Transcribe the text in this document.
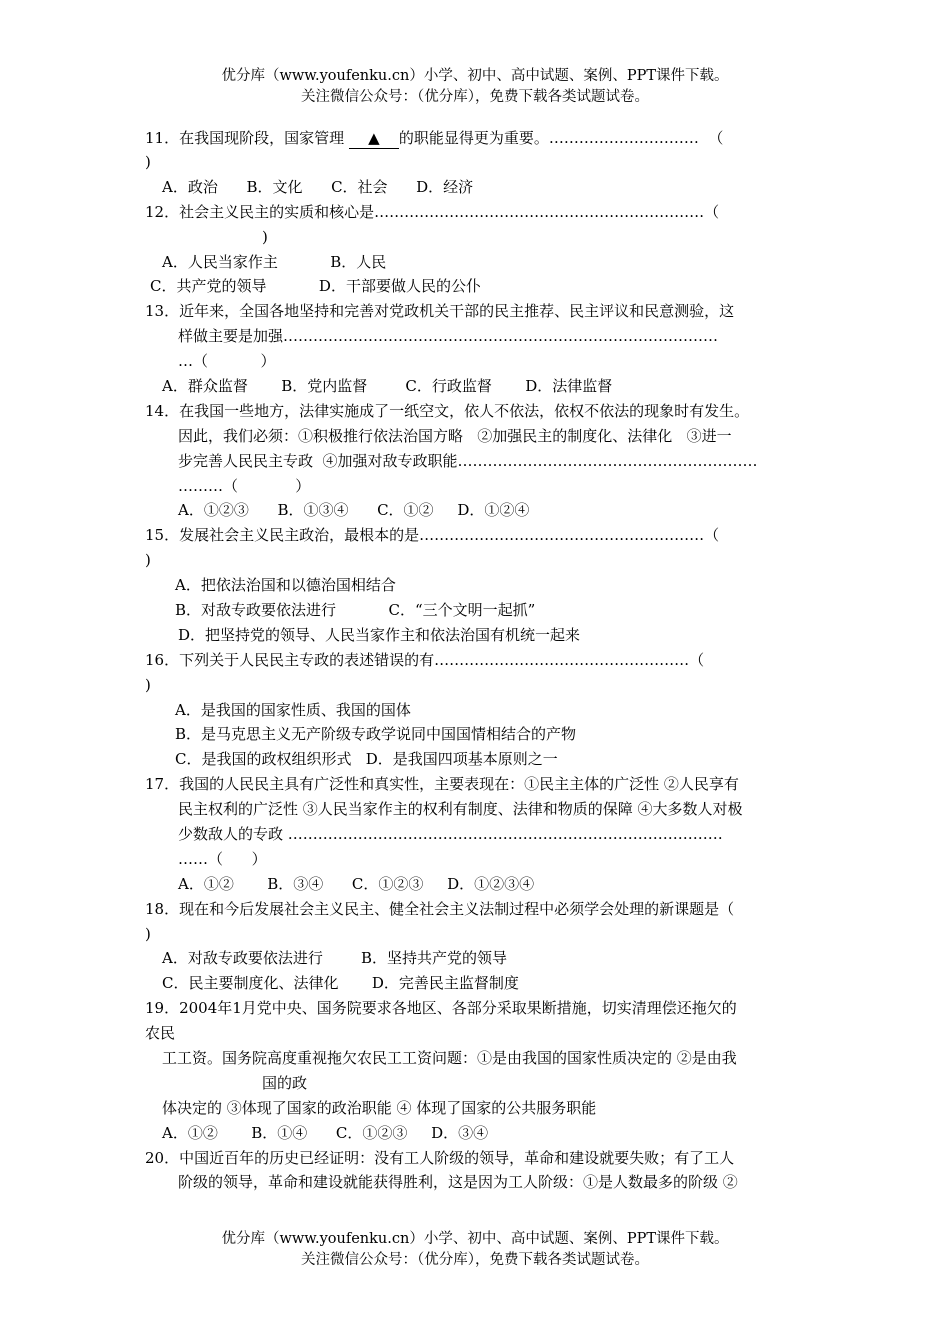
优分库（www.youfenku.cn）小学、初中、高中试题、案例、PPT课件下载。

关注微信公众号：（优分库），免费下载各类试题试卷。

11．在我国现阶段，国家管理 ▲ 的职能显得更为重要。…………………………  （
)
A．政治      B．文化      C．社会      D．经济
12．社会主义民主的实质和核心是…………………………………………………………（
)
A．人民当家作主           B．人民
C．共产党的领导           D．干部要做人民的公仆
13．近年来，全国各地坚持和完善对党政机关干部的民主推荐、民主评议和民意测验，这
样做主要是加强……………………………………………………………………………
…（           ）
A．群众监督       B．党内监督        C．行政监督       D．法律监督
14．在我国一些地方，法律实施成了一纸空文，依人不依法，依权不依法的现象时有发生。
因此，我们必须：①积极推行依法治国方略   ②加强民主的制度化、法律化   ③进一
步完善人民民主专政  ④加强对敌专政职能……………………………………………………
………（            ）
A．①②③      B．①③④      C．①②     D．①②④
15．发展社会主义民主政治，最根本的是…………………………………………………（
)
A．把依法治国和以德治国相结合
B．对敌专政要依法进行           C．“三个文明一起抓”
D．把坚持党的领导、人民当家作主和依法治国有机统一起来
16．下列关于人民民主专政的表述错误的有……………………………………………（
)
A．是我国的国家性质、我国的国体
B．是马克思主义无产阶级专政学说同中国国情相结合的产物
C．是我国的政权组织形式   D．是我国四项基本原则之一
17．我国的人民民主具有广泛性和真实性，主要表现在：①民主主体的广泛性 ②人民享有
民主权利的广泛性 ③人民当家作主的权利有制度、法律和物质的保障 ④大多数人对极
少数敌人的专政 ……………………………………………………………………………
……（      ）
A．①②       B．③④      C．①②③     D．①②③④
18．现在和今后发展社会主义民主、健全社会主义法制过程中必须学会处理的新课题是（
)
A．对敌专政要依法进行        B．坚持共产党的领导
C．民主要制度化、法律化       D．完善民主监督制度
19．2004年1月党中央、国务院要求各地区、各部分采取果断措施，切实清理偿还拖欠的
农民
工工资。国务院高度重视拖欠农民工工资问题：①是由我国的国家性质决定的 ②是由我
国的政
体决定的 ③体现了国家的政治职能 ④ 体现了国家的公共服务职能
A．①②       B．①④      C．①②③     D．③④
20．中国近百年的历史已经证明：没有工人阶级的领导，革命和建设就要失败；有了工人
阶级的领导，革命和建设就能获得胜利，这是因为工人阶级：①是人数最多的阶级 ②

优分库（www.youfenku.cn）小学、初中、高中试题、案例、PPT课件下载。

关注微信公众号：（优分库），免费下载各类试题试卷。
